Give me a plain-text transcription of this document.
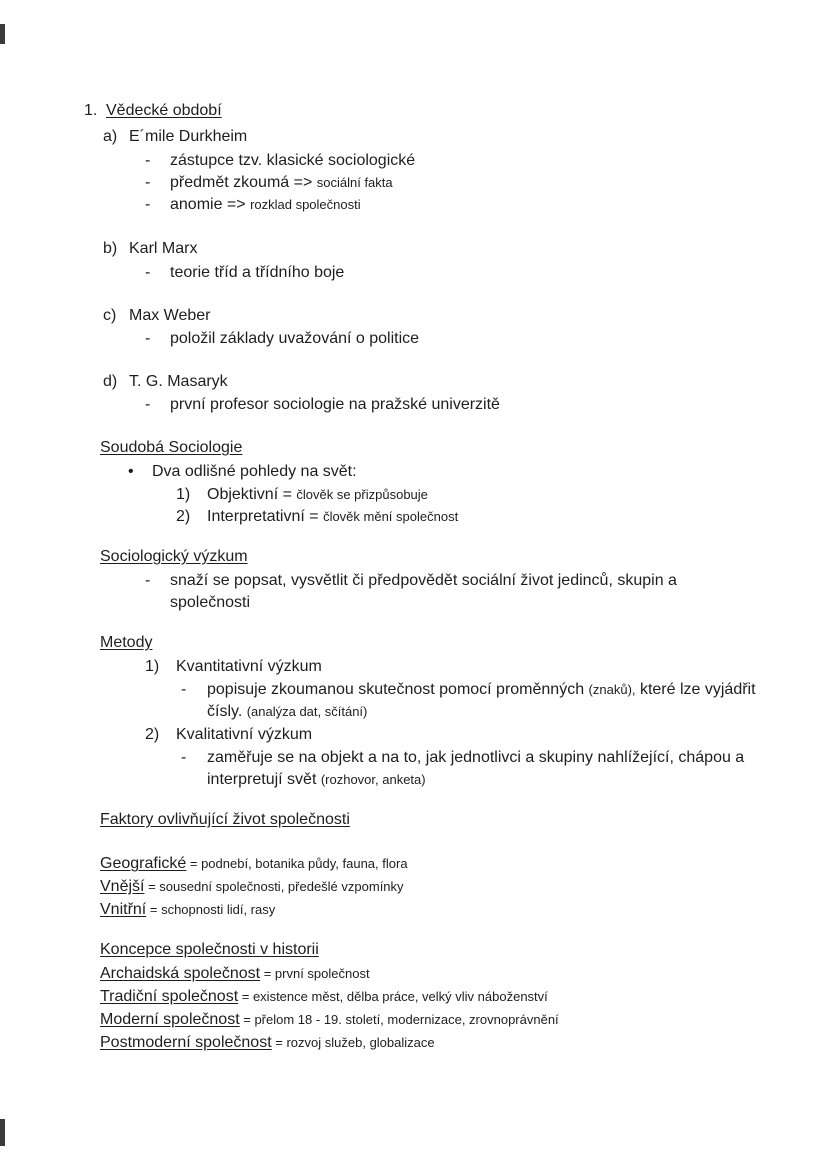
1. Vědecké období
a) E´mile Durkheim
- zástupce tzv. klasické sociologické
- předmět zkoumá => sociální fakta
- anomie => rozklad společnosti
b) Karl Marx
- teorie tříd a třídního boje
c) Max Weber
- položil základy uvažování o politice
d) T. G. Masaryk
- první profesor sociologie na pražské univerzitě
Soudobá Sociologie
• Dva odlišné pohledy na svět:
1) Objektivní = člověk se přizpůsobuje
2) Interpretativní = člověk mění společnost
Sociologický výzkum
- snaží se popsat, vysvětlit či předpovědět sociální život jedinců, skupin a
společnosti
Metody
1) Kvantitativní výzkum
- popisuje zkoumanou skutečnost pomocí proměnných (znaků), které lze vyjádřit
čísly. (analýza dat, sčítání)
2) Kvalitativní výzkum
- zaměřuje se na objekt a na to, jak jednotlivci a skupiny nahlížející, chápou a
interpretují svět (rozhovor, anketa)
Faktory ovlivňující život společnosti
Geografické = podnebí, botanika půdy, fauna, flora
Vnější = sousední společnosti, předešlé vzpomínky
Vnitřní = schopnosti lidí, rasy
Koncepce společnosti v historii
Archaidská společnost = první společnost
Tradiční společnost = existence měst, dělba práce, velký vliv náboženství
Moderní společnost = přelom 18 - 19. století, modernizace, zrovnoprávnění
Postmoderní společnost = rozvoj služeb, globalizace
